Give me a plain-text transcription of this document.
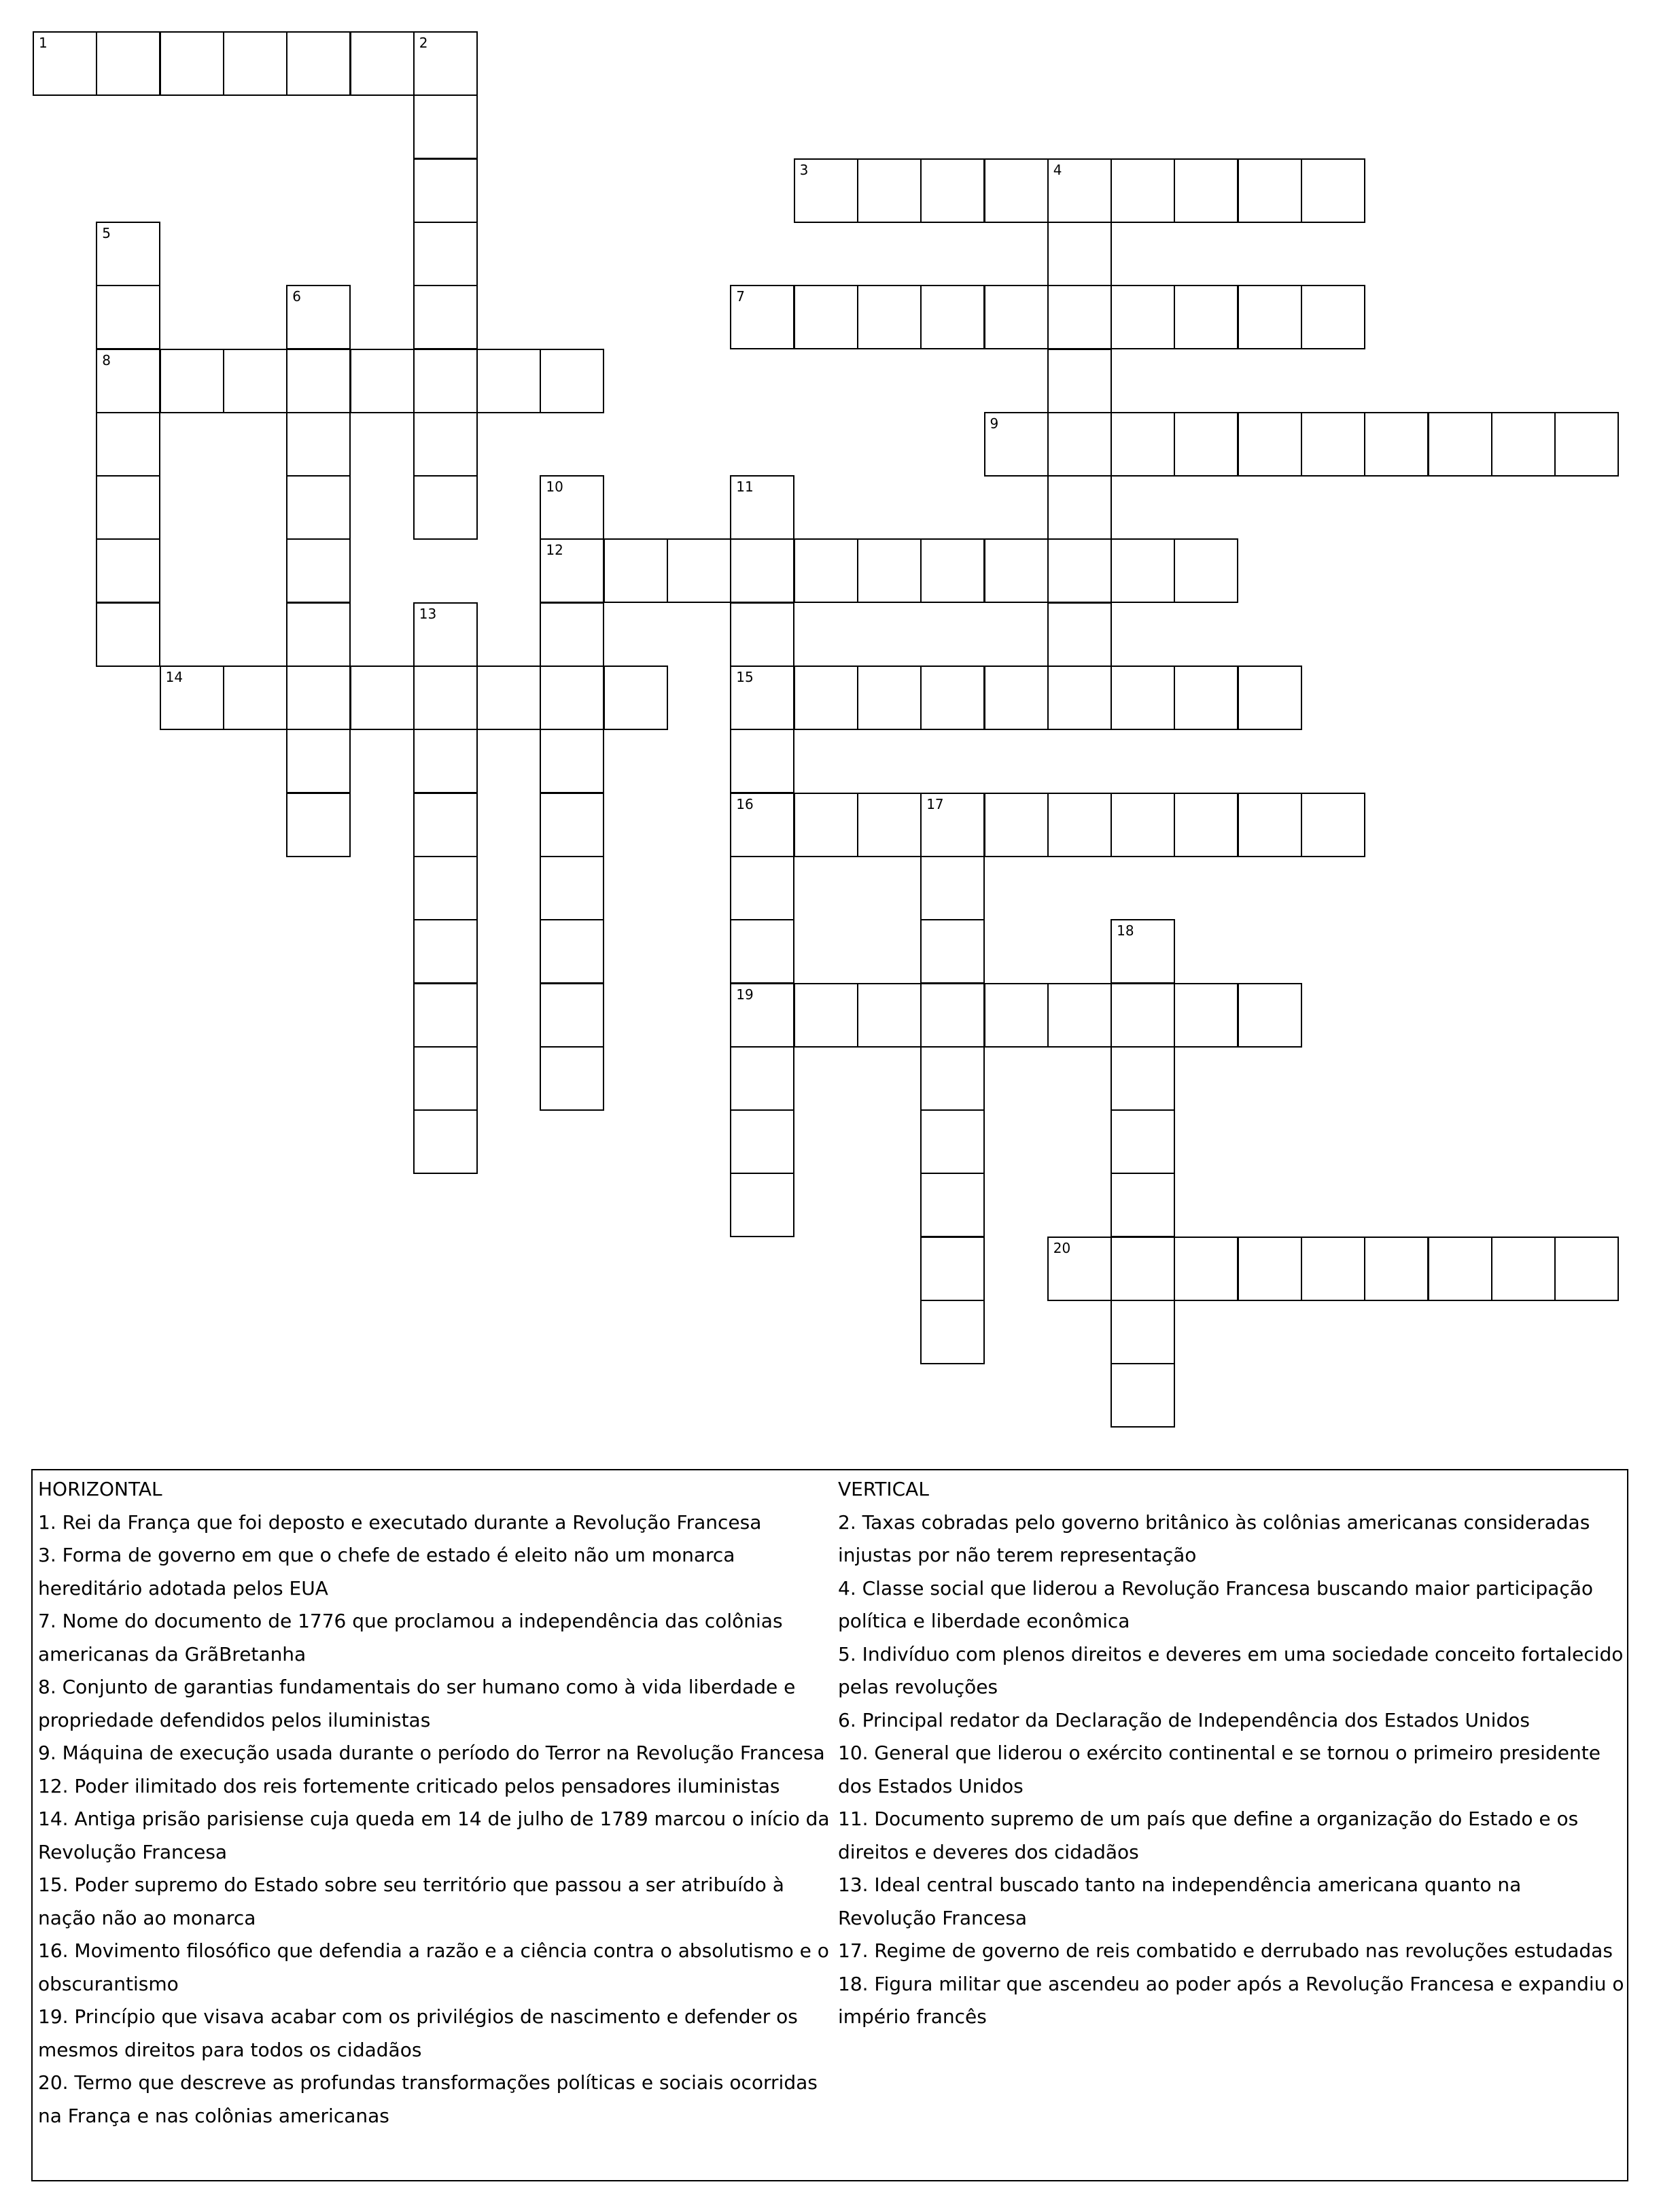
1	2
3	4
5
8
6	7
9
10
12
11
15
16
19
13
14
17
18
20

HORIZONTAL

1. Rei da França que foi deposto e executado durante a Revolução Francesa

3. Forma de governo em que o chefe de estado é eleito não um monarca hereditário adotada pelos EUA

7. Nome do documento de 1776 que proclamou a independência das colônias americanas da GrãBretanha

8. Conjunto de garantias fundamentais do ser humano como à vida liberdade e propriedade defendidos pelos iluministas

9. Máquina de execução usada durante o período do Terror na Revolução Francesa

12. Poder ilimitado dos reis fortemente criticado pelos pensadores iluministas

14. Antiga prisão parisiense cuja queda em 14 de julho de 1789 marcou o início da Revolução Francesa

15. Poder supremo do Estado sobre seu território que passou a ser atribuído à nação não ao monarca

16. Movimento filosófico que defendia a razão e a ciência contra o absolutismo e o obscurantismo

19. Princípio que visava acabar com os privilégios de nascimento e defender os mesmos direitos para todos os cidadãos

20. Termo que descreve as profundas transformações políticas e sociais ocorridas na França e nas colônias americanas

VERTICAL

2. Taxas cobradas pelo governo britânico às colônias americanas consideradas injustas por não terem representação

4. Classe social que liderou a Revolução Francesa buscando maior participação política e liberdade econômica

5. Indivíduo com plenos direitos e deveres em uma sociedade conceito fortalecido pelas revoluções

6. Principal redator da Declaração de Independência dos Estados Unidos

10. General que liderou o exército continental e se tornou o primeiro presidente dos Estados Unidos

11. Documento supremo de um país que define a organização do Estado e os direitos e deveres dos cidadãos

13. Ideal central buscado tanto na independência americana quanto na Revolução Francesa

17. Regime de governo de reis combatido e derrubado nas revoluções estudadas

18. Figura militar que ascendeu ao poder após a Revolução Francesa e expandiu o império francês
